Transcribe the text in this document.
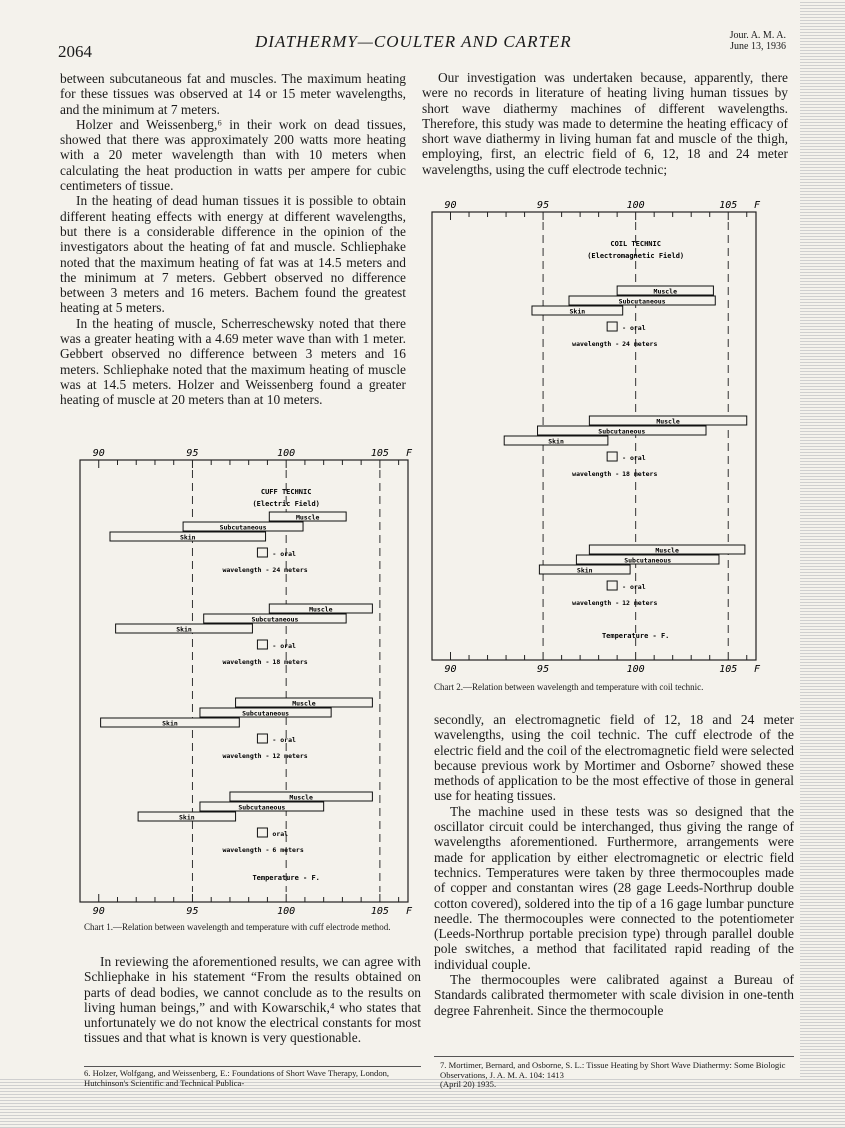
2064
DIATHERMY—COULTER AND CARTER	Jour. A. M. A.
June 13, 1936

between subcutaneous fat and muscles. The maximum heating for these tissues was observed at 14 or 15 meter wavelengths, and the minimum at 7 meters.

Holzer and Weissenberg,⁶ in their work on dead tissues, showed that there was approximately 200 watts more heating with a 20 meter wavelength than with 10 meters when calculating the heat production in watts per ampere for cubic centimeters of tissue.

In the heating of dead human tissues it is possible to obtain different heating effects with energy at different wavelengths, but there is a considerable difference in the opinion of the investigators about the heating of fat and muscle. Schliephake noted that the maximum heating of fat was at 14.5 meters and the minimum at 7 meters. Gebbert observed no difference between 3 meters and 16 meters. Bachem found the greatest heating at 5 meters.

In the heating of muscle, Scherreschewsky noted that there was a greater heating with a 4.69 meter wave than with 1 meter. Gebbert observed no difference between 3 meters and 16 meters. Schliephake noted that the maximum heating of muscle was at 14.5 meters. Holzer and Weissenberg found a greater heating of muscle at 20 meters than at 10 meters.

Our investigation was undertaken because, apparently, there were no records in literature of heating living human tissues by short wave diathermy machines of different wavelengths. Therefore, this study was made to determine the heating efficacy of short wave diathermy in living human fat and muscle of the thigh, employing, first, an electric field of 6, 12, 18 and 24 meter wavelengths, using the cuff electrode technic;

90
90
95
95
100
100
105
105
F
F
CUFF TECHNIC
(Electric Field)
Muscle
Subcutaneous
Skin
- oral
wavelength - 24 meters
Muscle
Subcutaneous
Skin
- oral
wavelength - 18 meters
Muscle
Subcutaneous
Skin
- oral
wavelength - 12 meters
Muscle
Subcutaneous
Skin
oral
wavelength - 6 meters
Temperature - F.
Chart 1.—Relation between wavelength and temperature with cuff electrode method.
90
90
95
95
100
100
105
105
F
F
COIL TECHNIC
(Electromagnetic Field)
Muscle
Subcutaneous
Skin
- oral
wavelength - 24 meters
Muscle
Subcutaneous
Skin
- oral
wavelength - 18 meters
Muscle
Subcutaneous
Skin
- oral
wavelength - 12 meters
Temperature - F.
Chart 2.—Relation between wavelength and temperature with coil technic.

In reviewing the aforementioned results, we can agree with Schliephake in his statement “From the results obtained on parts of dead bodies, we cannot conclude as to the results on living human beings,” and with Kowarschik,⁴ who states that unfortunately we do not know the electrical constants for most tissues and that what is known is very questionable.

secondly, an electromagnetic field of 12, 18 and 24 meter wavelengths, using the coil technic. The cuff electrode of the electric field and the coil of the electromagnetic field were selected because previous work by Mortimer and Osborne⁷ showed these methods of application to be the most effective of those in general use for heating tissues.

The machine used in these tests was so designed that the oscillator circuit could be interchanged, thus giving the range of wavelengths aforementioned. Furthermore, arrangements were made for application by either electromagnetic or electric field technics. Temperatures were taken by three thermocouples made of copper and constantan wires (28 gage Leeds-Northrup double cotton covered), soldered into the tip of a 16 gage lumbar puncture needle. The thermocouples were connected to the potentiometer (Leeds-Northrup portable precision type) through parallel double pole switches, a method that facilitated rapid reading of the individual couple.

The thermocouples were calibrated against a Bureau of Standards calibrated thermometer with scale division in one-tenth degree Fahrenheit. Since the thermocouple

6. Holzer, Wolfgang, and Weissenberg, E.: Foundations of Short Wave Therapy, London, Hutchinson's Scientific and Technical Publica-
7. Mortimer, Bernard, and Osborne, S. L.: Tissue Heating by Short Wave Diathermy: Some Biologic Observations, J. A. M. A. 104: 1413
(April 20) 1935.
